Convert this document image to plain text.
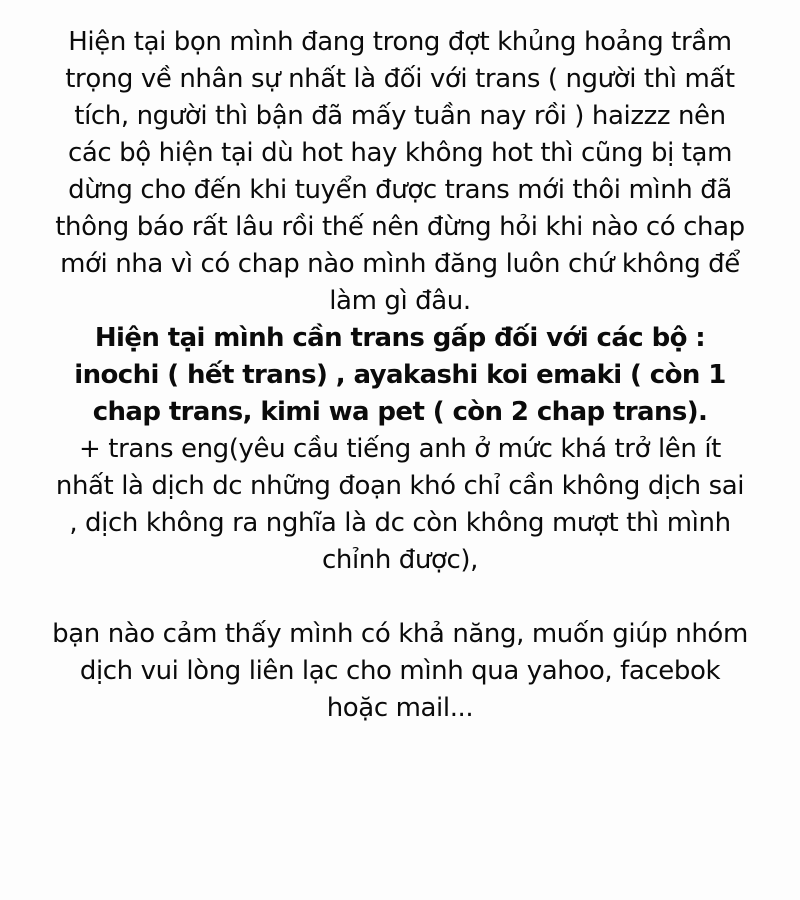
Hiện tại bọn mình đang trong đợt khủng hoảng trầm
trọng về nhân sự nhất là đối với trans ( người thì mất
tích, người thì bận đã mấy tuần nay rồi ) haizzz nên
các bộ hiện tại dù hot hay không hot thì cũng bị tạm
dừng cho đến khi tuyển được trans mới thôi mình đã
thông báo rất lâu rồi thế nên đừng hỏi khi nào có chap
mới nha vì có chap nào mình đăng luôn chứ không để
làm gì đâu.
Hiện tại mình cần trans gấp đối với các bộ :
inochi ( hết trans) , ayakashi koi emaki ( còn 1
chap trans, kimi wa pet ( còn 2 chap trans).
+ trans eng(yêu cầu tiếng anh ở mức khá trở lên ít
nhất là dịch dc những đoạn khó chỉ cần không dịch sai
, dịch không ra nghĩa là dc còn không mượt thì mình
chỉnh được),
bạn nào cảm thấy mình có khả năng, muốn giúp nhóm
dịch vui lòng liên lạc cho mình qua yahoo, facebok
hoặc mail...
